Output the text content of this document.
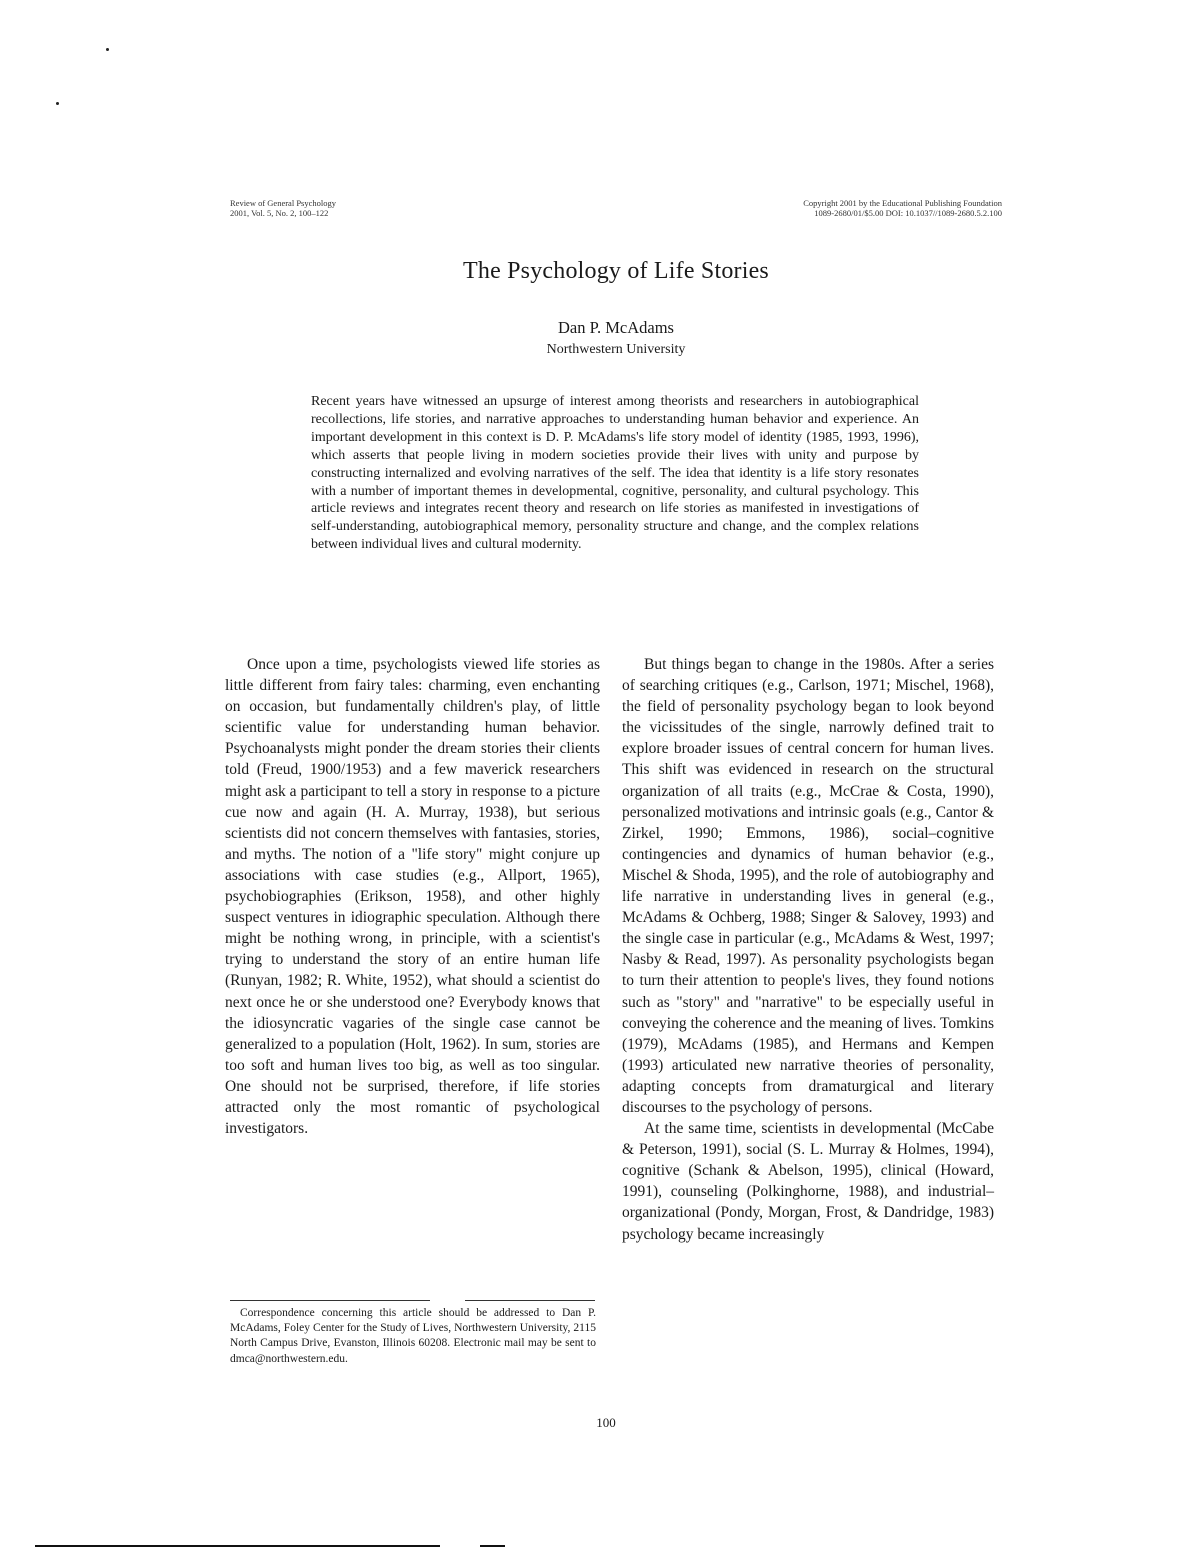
Review of General Psychology
2001, Vol. 5, No. 2, 100–122
Copyright 2001 by the Educational Publishing Foundation
1089-2680/01/$5.00 DOI: 10.1037//1089-2680.5.2.100
The Psychology of Life Stories
Dan P. McAdams
Northwestern University
Recent years have witnessed an upsurge of interest among theorists and researchers in autobiographical recollections, life stories, and narrative approaches to understanding human behavior and experience. An important development in this context is D. P. McAdams's life story model of identity (1985, 1993, 1996), which asserts that people living in modern societies provide their lives with unity and purpose by constructing internalized and evolving narratives of the self. The idea that identity is a life story resonates with a number of important themes in developmental, cognitive, personality, and cultural psychology. This article reviews and integrates recent theory and research on life stories as manifested in investigations of self-understanding, autobiographical memory, personality structure and change, and the complex relations between individual lives and cultural modernity.

Once upon a time, psychologists viewed life stories as little different from fairy tales: charming, even enchanting on occasion, but fundamentally children's play, of little scientific value for understanding human behavior. Psychoanalysts might ponder the dream stories their clients told (Freud, 1900/1953) and a few maverick researchers might ask a participant to tell a story in response to a picture cue now and again (H. A. Murray, 1938), but serious scientists did not concern themselves with fantasies, stories, and myths. The notion of a "life story" might conjure up associations with case studies (e.g., Allport, 1965), psychobiographies (Erikson, 1958), and other highly suspect ventures in idiographic speculation. Although there might be nothing wrong, in principle, with a scientist's trying to understand the story of an entire human life (Runyan, 1982; R. White, 1952), what should a scientist do next once he or she understood one? Everybody knows that the idiosyncratic vagaries of the single case cannot be generalized to a population (Holt, 1962). In sum, stories are too soft and human lives too big, as well as too singular. One should not be surprised, therefore, if life stories attracted only the most romantic of psychological investigators.

But things began to change in the 1980s. After a series of searching critiques (e.g., Carlson, 1971; Mischel, 1968), the field of personality psychology began to look beyond the vicissitudes of the single, narrowly defined trait to explore broader issues of central concern for human lives. This shift was evidenced in research on the structural organization of all traits (e.g., McCrae & Costa, 1990), personalized motivations and intrinsic goals (e.g., Cantor & Zirkel, 1990; Emmons, 1986), social–cognitive contingencies and dynamics of human behavior (e.g., Mischel & Shoda, 1995), and the role of autobiography and life narrative in understanding lives in general (e.g., McAdams & Ochberg, 1988; Singer & Salovey, 1993) and the single case in particular (e.g., McAdams & West, 1997; Nasby & Read, 1997). As personality psychologists began to turn their attention to people's lives, they found notions such as "story" and "narrative" to be especially useful in conveying the coherence and the meaning of lives. Tomkins (1979), McAdams (1985), and Hermans and Kempen (1993) articulated new narrative theories of personality, adapting concepts from dramaturgical and literary discourses to the psychology of persons.

At the same time, scientists in developmental (McCabe & Peterson, 1991), social (S. L. Murray & Holmes, 1994), cognitive (Schank & Abelson, 1995), clinical (Howard, 1991), counseling (Polkinghorne, 1988), and industrial–organizational (Pondy, Morgan, Frost, & Dandridge, 1983) psychology became increasingly

Correspondence concerning this article should be addressed to Dan P. McAdams, Foley Center for the Study of Lives, Northwestern University, 2115 North Campus Drive, Evanston, Illinois 60208. Electronic mail may be sent to dmca@northwestern.edu.
100
